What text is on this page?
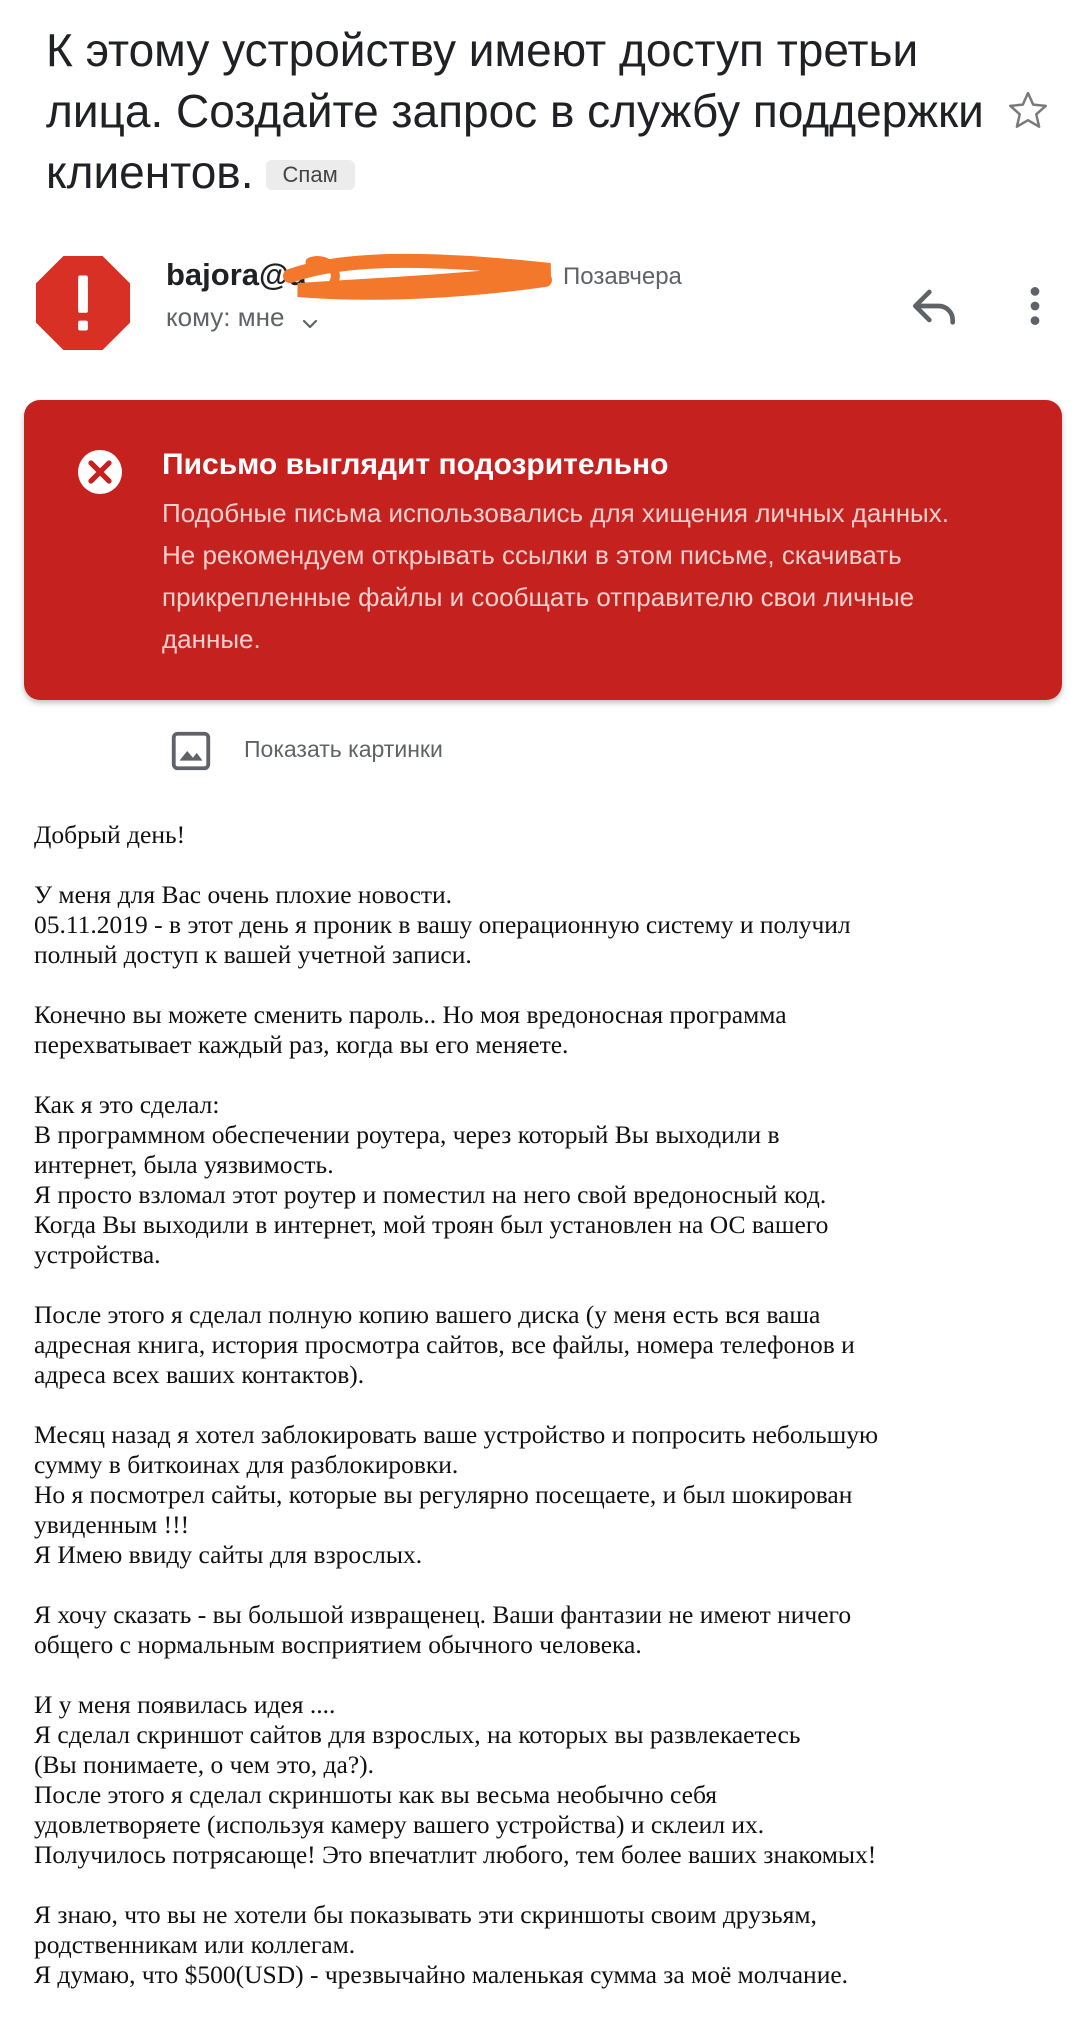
К этому устройству имеют доступ третьи лица. Создайте запрос в службу поддержки клиентов. Спам
bajora@a	Позавчера
кому: мне
Письмо выглядит подозрительно
Подобные письма использовались для хищения личных данных.
Не рекомендуем открывать ссылки в этом письме, скачивать
прикрепленные файлы и сообщать отправителю свои личные
данные.
Показать картинки

Добрый день!

У меня для Вас очень плохие новости.
05.11.2019 - в этот день я проник в вашу операционную систему и получил
полный доступ к вашей учетной записи.

Конечно вы можете сменить пароль.. Но моя вредоносная программа
перехватывает каждый раз, когда вы его меняете.

Как я это сделал:
В программном обеспечении роутера, через который Вы выходили в
интернет, была уязвимость.
Я просто взломал этот роутер и поместил на него свой вредоносный код.
Когда Вы выходили в интернет, мой троян был установлен на ОС вашего
устройства.

После этого я сделал полную копию вашего диска (у меня есть вся ваша
адресная книга, история просмотра сайтов, все файлы, номера телефонов и
адреса всех ваших контактов).

Месяц назад я хотел заблокировать ваше устройство и попросить небольшую
сумму в биткоинах для разблокировки.
Но я посмотрел сайты, которые вы регулярно посещаете, и был шокирован
увиденным !!!
Я Имею ввиду сайты для взрослых.

Я хочу сказать - вы большой извращенец. Ваши фантазии не имеют ничего
общего с нормальным восприятием обычного человека.

И у меня появилась идея ....
Я сделал скриншот сайтов для взрослых, на которых вы развлекаетесь
(Вы понимаете, о чем это, да?).
После этого я сделал скриншоты как вы весьма необычно себя
удовлетворяете (используя камеру вашего устройства) и склеил их.
Получилось потрясающе! Это впечатлит любого, тем более ваших знакомых!

Я знаю, что вы не хотели бы показывать эти скриншоты своим друзьям,
родственникам или коллегам.
Я думаю, что $500(USD) - чрезвычайно маленькая сумма за моё молчание.
